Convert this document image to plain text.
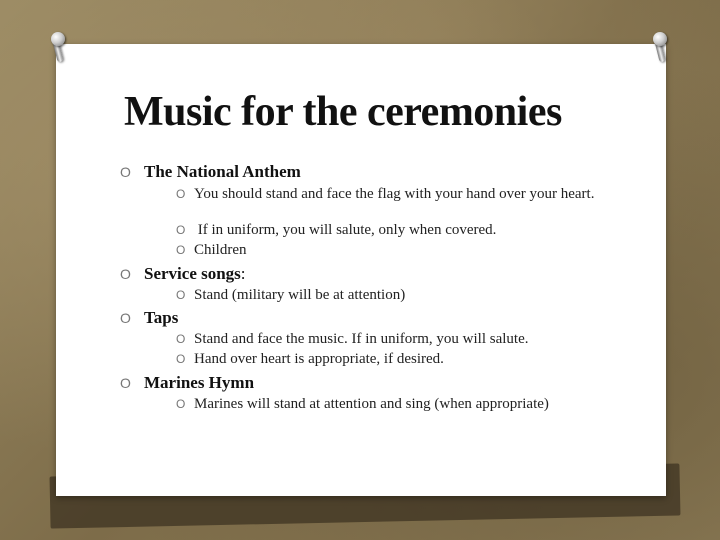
Music for the ceremonies
O The National Anthem
O You should stand and face the flag with your hand over your heart.
O If in uniform, you will salute, only when covered.
O Children
O Service songs:
O Stand (military will be at attention)
O Taps
O Stand and face the music. If in uniform, you will salute.
O Hand over heart is appropriate, if desired.
O Marines Hymn
O Marines will stand at attention and sing (when appropriate)
